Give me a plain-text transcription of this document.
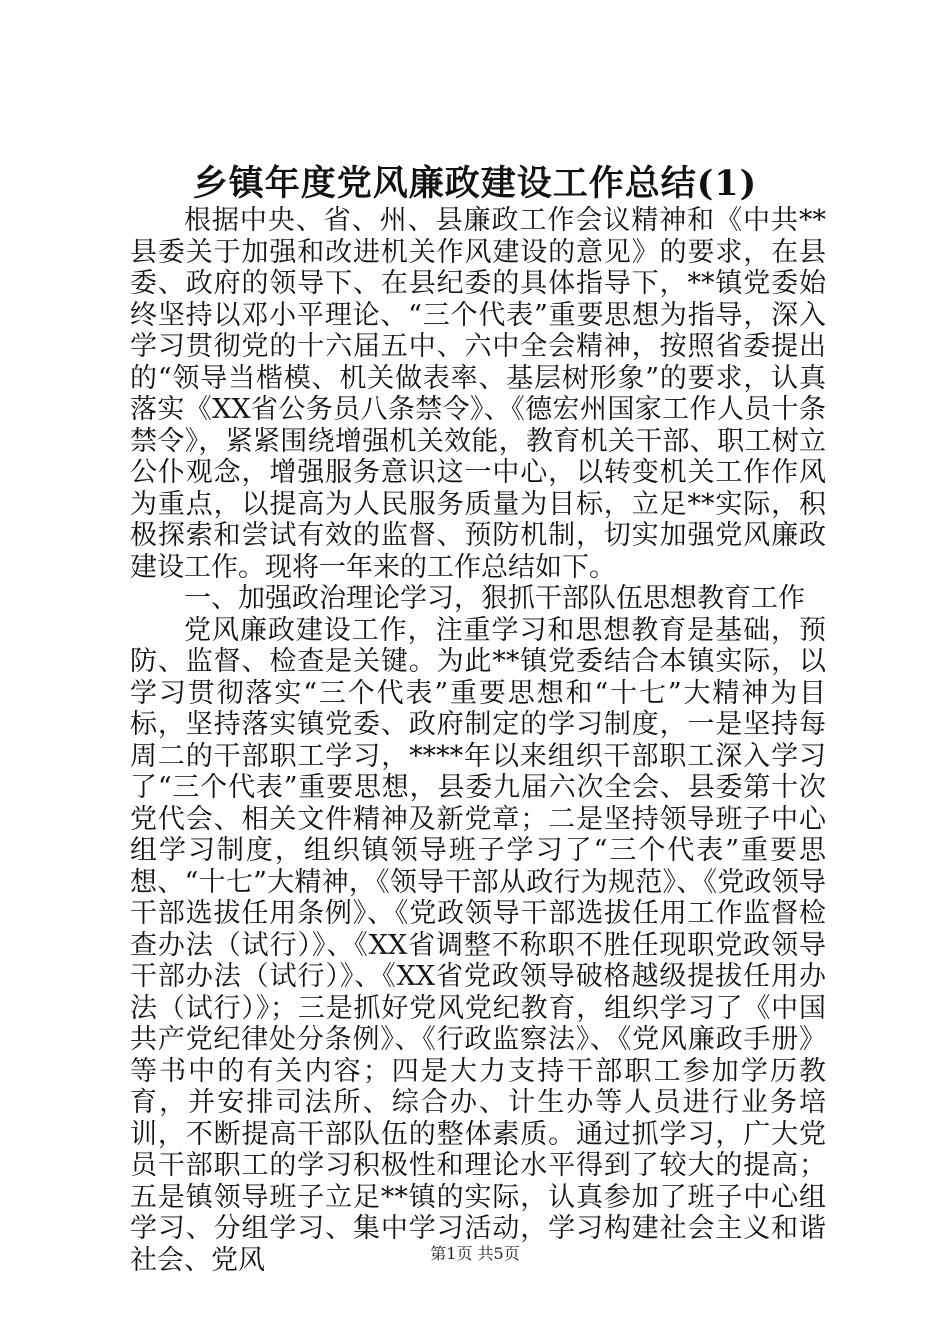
乡镇年度党风廉政建设工作总结(1)

根据中央、省、州、县廉政工作会议精神和《中共**县委关于加强和改进机关作风建设的意见》的要求，在县委、政府的领导下、在县纪委的具体指导下，**镇党委始终坚持以邓小平理论、“三个代表”重要思想为指导，深入学习贯彻党的十六届五中、六中全会精神，按照省委提出的“领导当楷模、机关做表率、基层树形象”的要求，认真落实《XX省公务员八条禁令》、《德宏州国家工作人员十条禁令》，紧紧围绕增强机关效能，教育机关干部、职工树立公仆观念，增强服务意识这一中心，以转变机关工作作风为重点，以提高为人民服务质量为目标，立足**实际，积极探索和尝试有效的监督、预防机制，切实加强党风廉政建设工作。现将一年来的工作总结如下。

一、加强政治理论学习，狠抓干部队伍思想教育工作

党风廉政建设工作，注重学习和思想教育是基础，预防、监督、检查是关键。为此**镇党委结合本镇实际，以学习贯彻落实“三个代表”重要思想和“十七”大精神为目标，坚持落实镇党委、政府制定的学习制度，一是坚持每周二的干部职工学习，****年以来组织干部职工深入学习了“三个代表”重要思想，县委九届六次全会、县委第十次党代会、相关文件精神及新党章；二是坚持领导班子中心组学习制度，组织镇领导班子学习了“三个代表”重要思想、“十七”大精神，《领导干部从政行为规范》、《党政领导干部选拔任用条例》、《党政领导干部选拔任用工作监督检查办法（试行）》、《XX省调整不称职不胜任现职党政领导干部办法（试行）》、《XX省党政领导破格越级提拔任用办法（试行）》；三是抓好党风党纪教育，组织学习了《中国共产党纪律处分条例》、《行政监察法》、《党风廉政手册》等书中的有关内容；四是大力支持干部职工参加学历教育，并安排司法所、综合办、计生办等人员进行业务培训，不断提高干部队伍的整体素质。通过抓学习，广大党员干部职工的学习积极性和理论水平得到了较大的提高；五是镇领导班子立足**镇的实际，认真参加了班子中心组学习、分组学习、集中学习活动，学习构建社会主义和谐社会、党风	第1页 共5页
